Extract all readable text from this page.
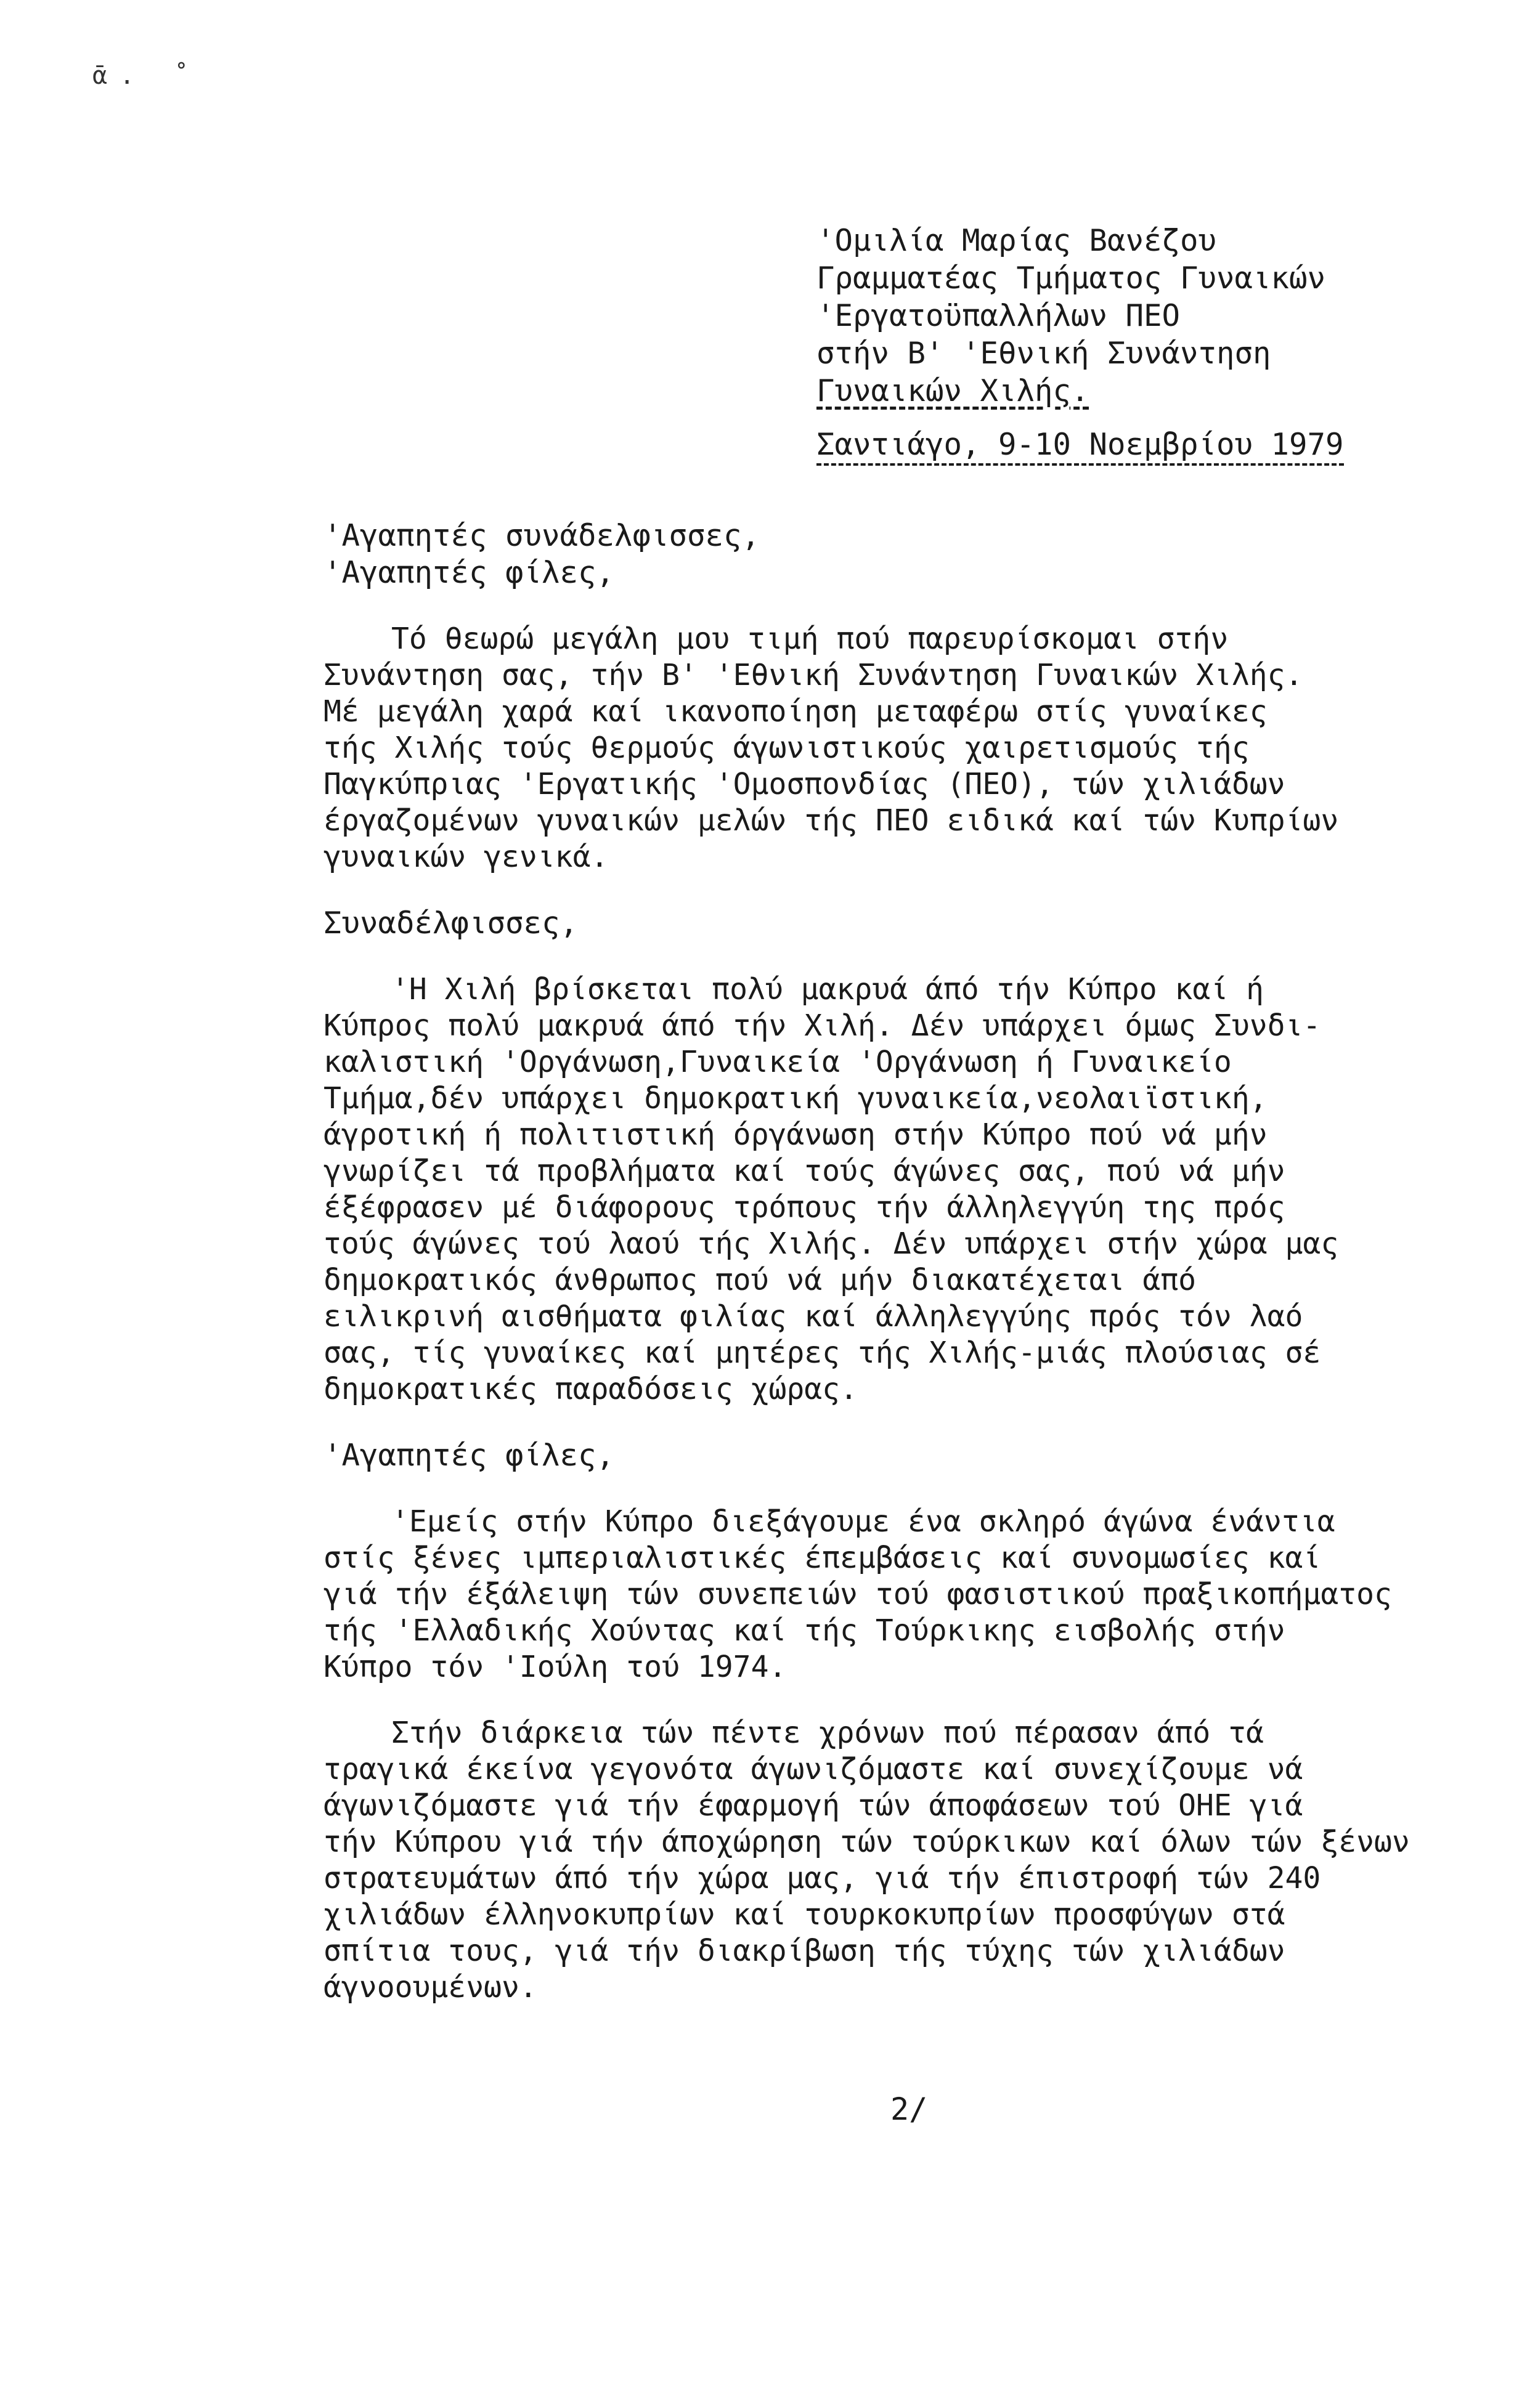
ᾱ. ˚
'Ομιλία Μαρίας Βανέζου
Γραμματέας Τμήματος Γυναικών
'Εργατοϋπαλλήλων ΠΕΟ
στήν Β' 'Εθνική Συνάντηση
Γυναικών Χιλής.
Σαντιάγο, 9-10 Νοεμβρίου 1979
'Αγαπητές συνάδελφισσες,
'Αγαπητές φίλες,
Τό θεωρώ μεγάλη μου τιμή πού παρευρίσκομαι στήν
Συνάντηση σας, τήν Β' 'Εθνική Συνάντηση Γυναικών Χιλής.
Μέ μεγάλη χαρά καί ικανοποίηση μεταφέρω στίς γυναίκες
τής Χιλής τούς θερμούς άγωνιστικούς χαιρετισμούς τής
Παγκύπριας 'Εργατικής 'Ομοσπονδίας (ΠΕΟ), τών χιλιάδων
έργαζομένων γυναικών μελών τής ΠΕΟ ειδικά καί τών Κυπρίων
γυναικών γενικά.
Συναδέλφισσες,
'Η Χιλή βρίσκεται πολύ μακρυά άπό τήν Κύπρο καί ή
Κύπρος πολύ μακρυά άπό τήν Χιλή. Δέν υπάρχει όμως Συνδι-
καλιστική 'Οργάνωση,Γυναικεία 'Οργάνωση ή Γυναικείο
Τμήμα,δέν υπάρχει δημοκρατική γυναικεία,νεολαιϊστική,
άγροτική ή πολιτιστική όργάνωση στήν Κύπρο πού νά μήν
γνωρίζει τά προβλήματα καί τούς άγώνες σας, πού νά μήν
έξέφρασεν μέ διάφορους τρόπους τήν άλληλεγγύη της πρός
τούς άγώνες τού λαού τής Χιλής. Δέν υπάρχει στήν χώρα μας
δημοκρατικός άνθρωπος πού νά μήν διακατέχεται άπό
ειλικρινή αισθήματα φιλίας καί άλληλεγγύης πρός τόν λαό
σας, τίς γυναίκες καί μητέρες τής Χιλής-μιάς πλούσιας σέ
δημοκρατικές παραδόσεις χώρας.
'Αγαπητές φίλες,
'Εμείς στήν Κύπρο διεξάγουμε ένα σκληρό άγώνα ένάντια
στίς ξένες ιμπεριαλιστικές έπεμβάσεις καί συνομωσίες καί
γιά τήν έξάλειψη τών συνεπειών τού φασιστικού πραξικοπήματος
τής 'Ελλαδικής Χούντας καί τής Τούρκικης εισβολής στήν
Κύπρο τόν 'Ιούλη τού 1974.
Στήν διάρκεια τών πέντε χρόνων πού πέρασαν άπό τά
τραγικά έκείνα γεγονότα άγωνιζόμαστε καί συνεχίζουμε νά
άγωνιζόμαστε γιά τήν έφαρμογή τών άποφάσεων τού ΟΗΕ γιά
τήν Κύπρου γιά τήν άποχώρηση τών τούρκικων καί όλων τών ξένων
στρατευμάτων άπό τήν χώρα μας, γιά τήν έπιστροφή τών 240
χιλιάδων έλληνοκυπρίων καί τουρκοκυπρίων προσφύγων στά
σπίτια τους, γιά τήν διακρίβωση τής τύχης τών χιλιάδων
άγνοουμένων.
2/
